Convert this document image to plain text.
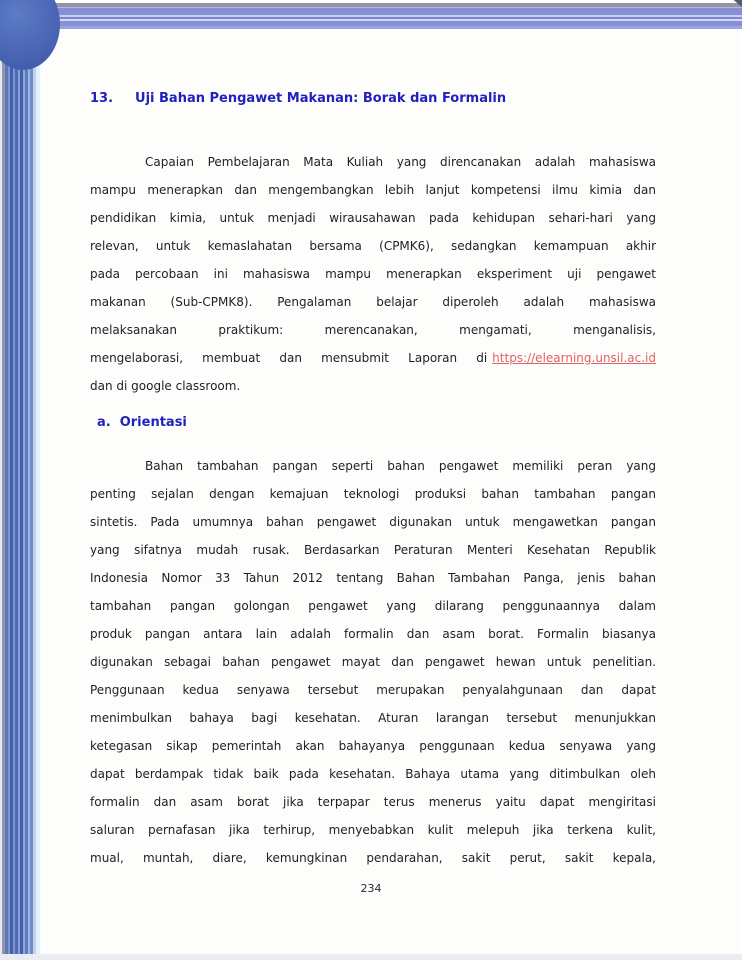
13. Uji Bahan Pengawet Makanan: Borak dan Formalin
Capaian Pembelajaran Mata Kuliah yang direncanakan adalah mahasiswa
mampu menerapkan dan mengembangkan lebih lanjut kompetensi ilmu kimia dan
pendidikan kimia, untuk menjadi wirausahawan pada kehidupan sehari-hari yang
relevan, untuk kemaslahatan bersama (CPMK6), sedangkan kemampuan akhir
pada percobaan ini mahasiswa mampu menerapkan eksperiment uji pengawet
makanan (Sub-CPMK8). Pengalaman belajar diperoleh adalah mahasiswa
melaksanakan praktikum: merencanakan, mengamati, menganalisis,
mengelaborasi, membuat dan mensubmit Laporan di https://elearning.unsil.ac.id
dan di google classroom.
a. Orientasi
Bahan tambahan pangan seperti bahan pengawet memiliki peran yang
penting sejalan dengan kemajuan teknologi produksi bahan tambahan pangan
sintetis. Pada umumnya bahan pengawet digunakan untuk mengawetkan pangan
yang sifatnya mudah rusak. Berdasarkan Peraturan Menteri Kesehatan Republik
Indonesia Nomor 33 Tahun 2012 tentang Bahan Tambahan Panga, jenis bahan
tambahan pangan golongan pengawet yang dilarang penggunaannya dalam
produk pangan antara lain adalah formalin dan asam borat. Formalin biasanya
digunakan sebagai bahan pengawet mayat dan pengawet hewan untuk penelitian.
Penggunaan kedua senyawa tersebut merupakan penyalahgunaan dan dapat
menimbulkan bahaya bagi kesehatan. Aturan larangan tersebut menunjukkan
ketegasan sikap pemerintah akan bahayanya penggunaan kedua senyawa yang
dapat berdampak tidak baik pada kesehatan. Bahaya utama yang ditimbulkan oleh
formalin dan asam borat jika terpapar terus menerus yaitu dapat mengiritasi
saluran pernafasan jika terhirup, menyebabkan kulit melepuh jika terkena kulit,
mual, muntah, diare, kemungkinan pendarahan, sakit perut, sakit kepala,
234
